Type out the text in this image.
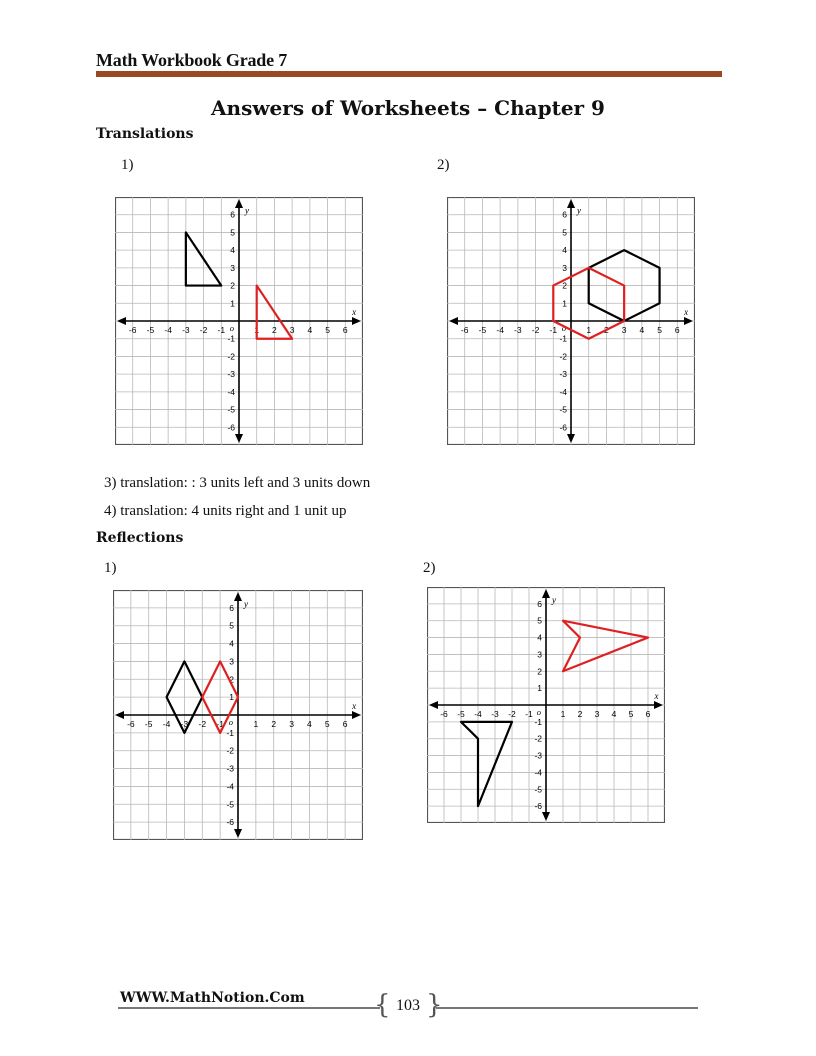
Math Workbook Grade 7
Answers of Worksheets – Chapter 9
Translations
1)	2)
-6
-6
-5
-5
-4
-4
-3
-3
-2
-2
-1
-1
1
1
2
2
3
3
4
4
5
5
6
6
o
x
y
-6
-6
-5
-5
-4
-4
-3
-3
-2
-2
-1
-1
1
1
2
2
3
3
4
4
5
5
6
6
o
x
y
3) translation: : 3 units left and 3 units down
4) translation: 4 units right and 1 unit up
Reflections
1)	2)
-6
-6
-5
-5
-4
-4
-3
-3
-2
-2
-1
-1
1
1
2
2
3
3
4
4
5
5
6
6
o
x
y
-6
-6
-5
-5
-4
-4
-3
-3
-2
-2
-1
-1
1
1
2
2
3
3
4
4
5
5
6
6
o
x
y
WWW.MathNotion.Com	{ }
103
